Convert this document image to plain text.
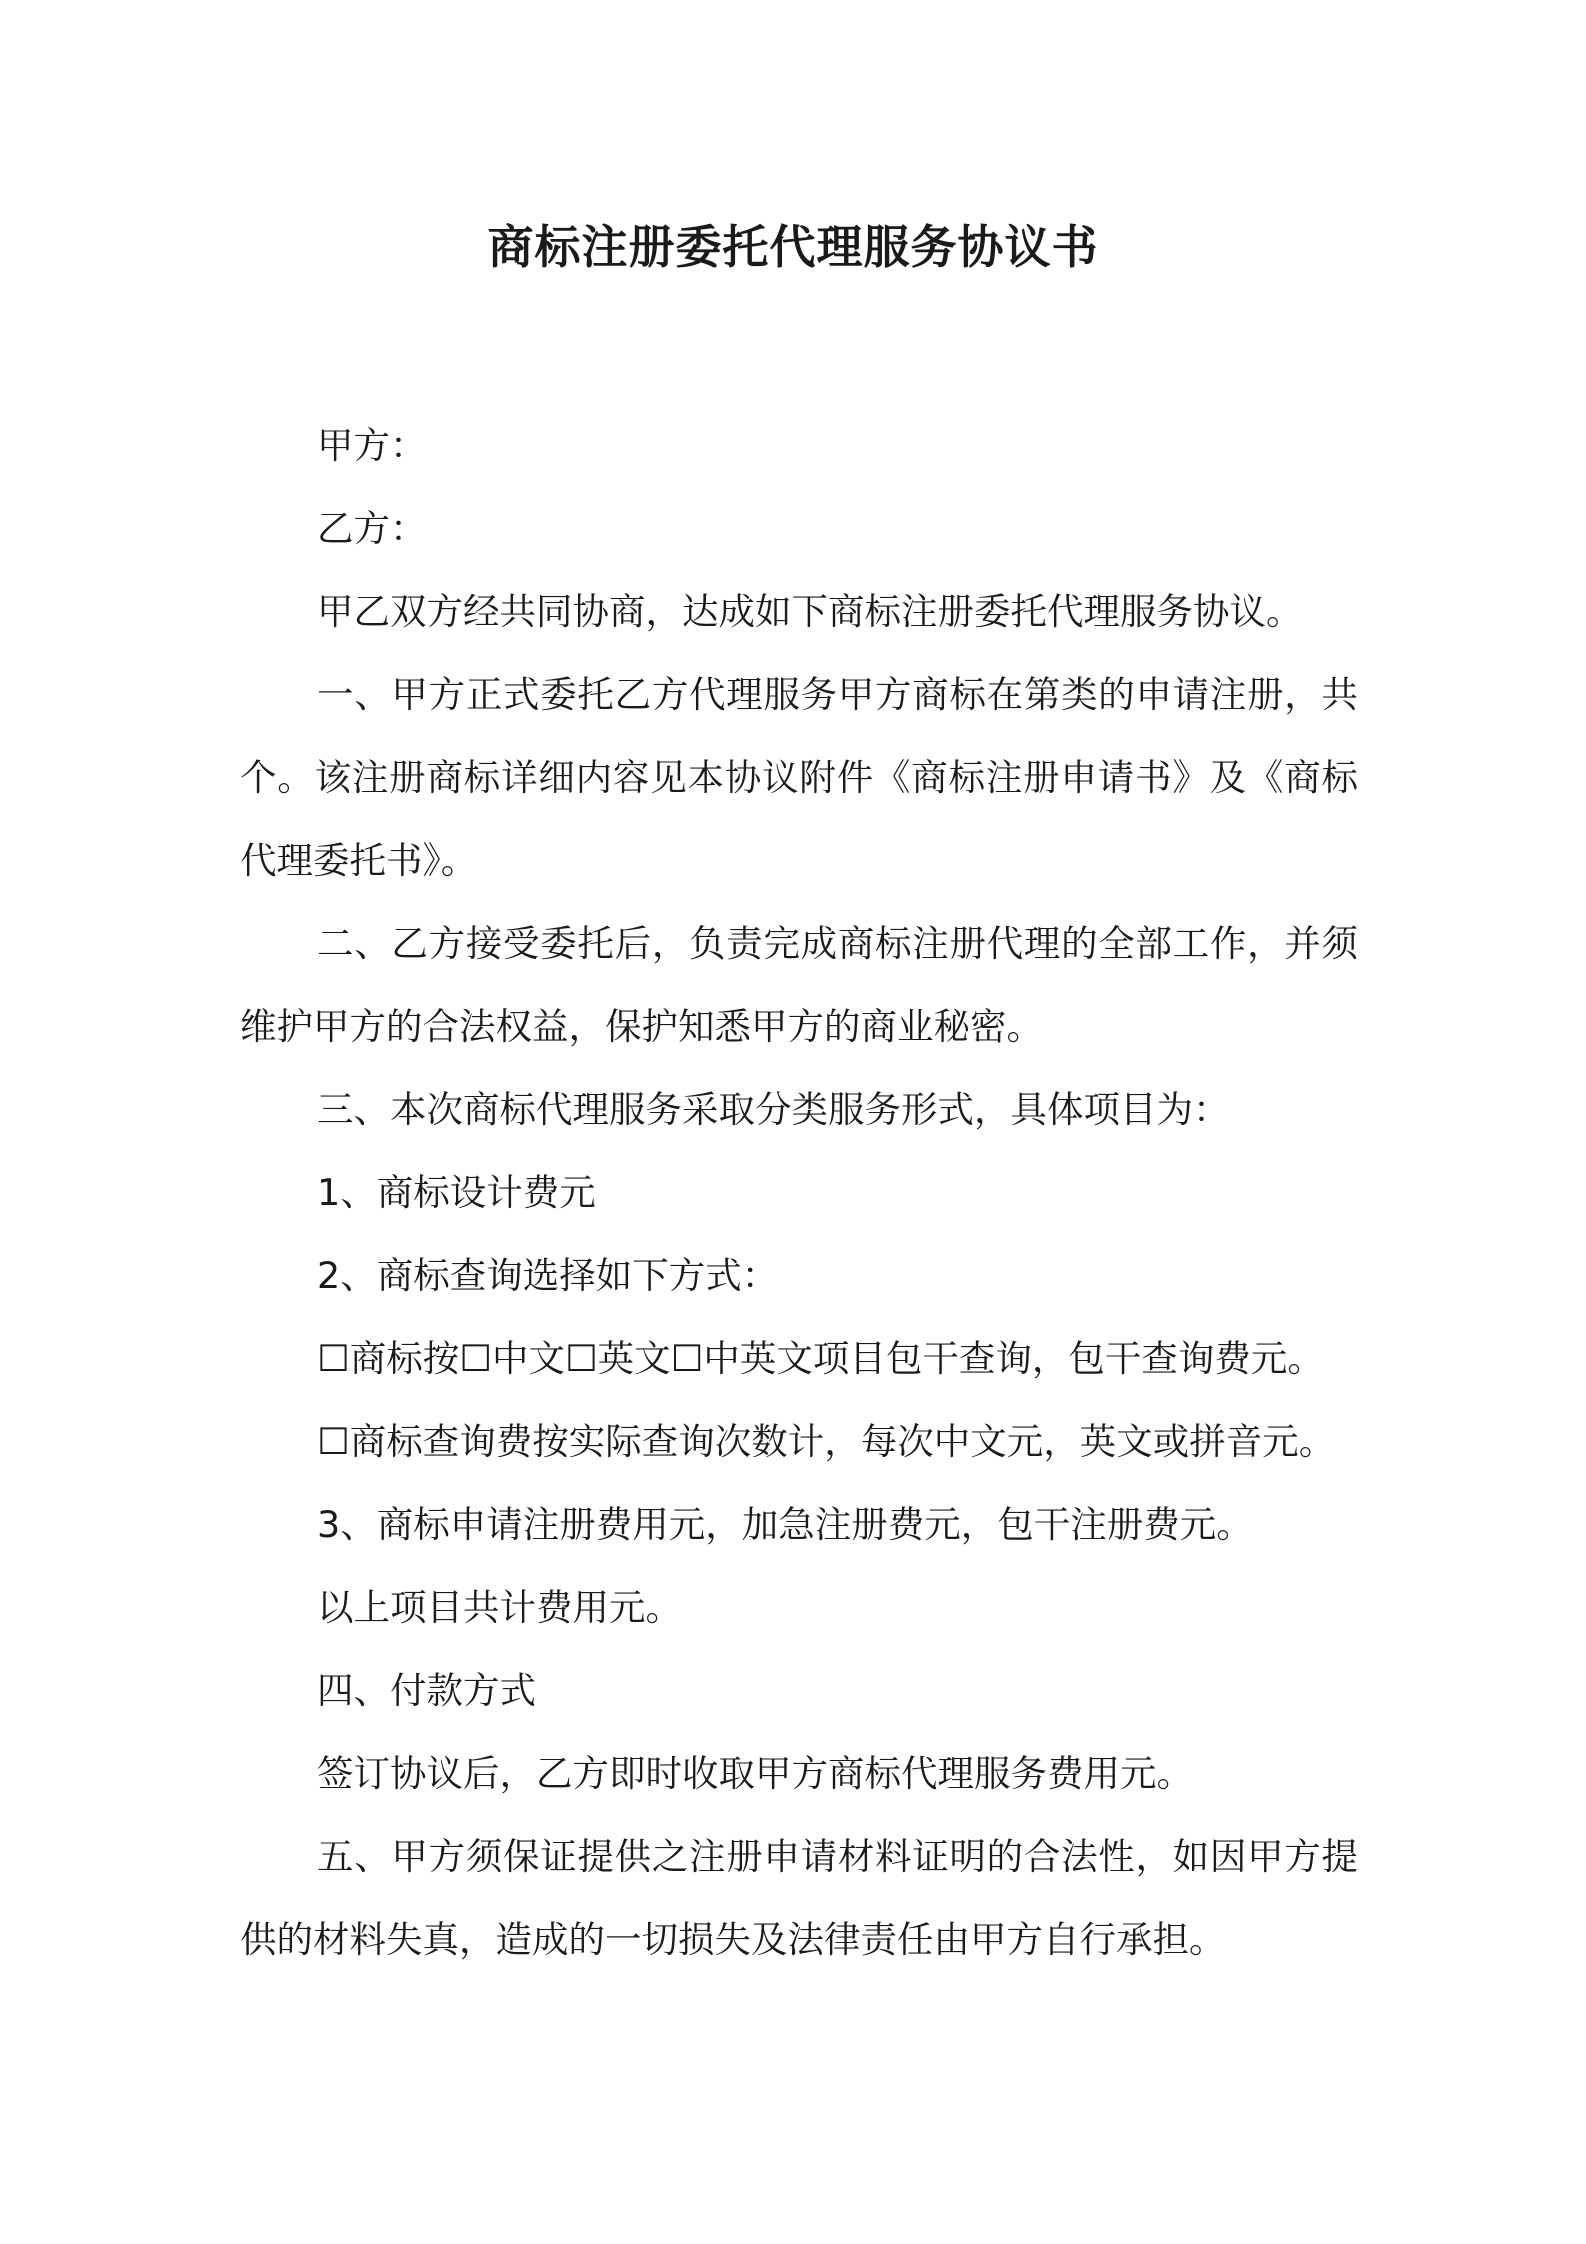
商标注册委托代理服务协议书

甲方：

乙方：

甲乙双方经共同协商，达成如下商标注册委托代理服务协议。

一、甲方正式委托乙方代理服务甲方商标在第类的申请注册，共个。该注册商标详细内容见本协议附件《商标注册申请书》及《商标代理委托书》。

二、乙方接受委托后，负责完成商标注册代理的全部工作，并须维护甲方的合法权益，保护知悉甲方的商业秘密。

三、本次商标代理服务采取分类服务形式，具体项目为：

1、商标设计费元

2、商标查询选择如下方式：

☐商标按☐中文☐英文☐中英文项目包干查询，包干查询费元。

☐商标查询费按实际查询次数计，每次中文元，英文或拼音元。

3、商标申请注册费用元，加急注册费元，包干注册费元。

以上项目共计费用元。

四、付款方式

签订协议后，乙方即时收取甲方商标代理服务费用元。

五、甲方须保证提供之注册申请材料证明的合法性，如因甲方提供的材料失真，造成的一切损失及法律责任由甲方自行承担。
